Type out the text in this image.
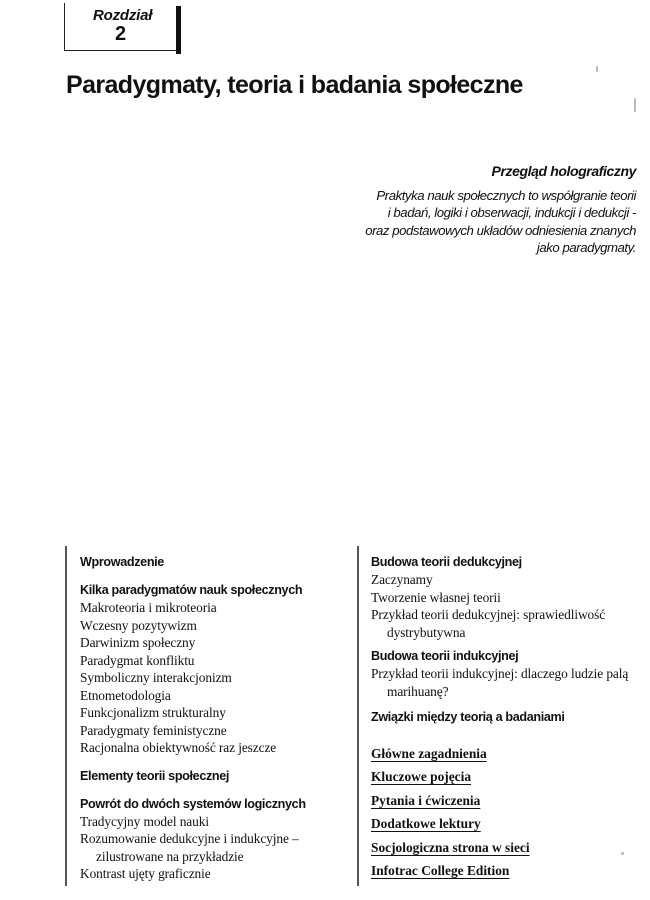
Rozdział
2
Paradygmaty, teoria i badania społeczne
Przegląd holograficzny
Praktyka nauk społecznych to współgranie teorii
i badań, logiki i obserwacji, indukcji i dedukcji -
oraz podstawowych układów odniesienia znanych
jako paradygmaty.
Wprowadzenie
Kilka paradygmatów nauk społecznych
Makroteoria i mikroteoria
Wczesny pozytywizm
Darwinizm społeczny
Paradygmat konfliktu
Symboliczny interakcjonizm
Etnometodologia
Funkcjonalizm strukturalny
Paradygmaty feministyczne
Racjonalna obiektywność raz jeszcze
Elementy teorii społecznej
Powrót do dwóch systemów logicznych
Tradycyjny model nauki
Rozumowanie dedukcyjne i indukcyjne – zilustrowane na przykładzie
Kontrast ujęty graficznie
Budowa teorii dedukcyjnej
Zaczynamy
Tworzenie własnej teorii
Przykład teorii dedukcyjnej: sprawiedliwość dystrybutywna
Budowa teorii indukcyjnej
Przykład teorii indukcyjnej: dlaczego ludzie palą marihuanę?
Związki między teorią a badaniami
Główne zagadnienia
Kluczowe pojęcia
Pytania i ćwiczenia
Dodatkowe lektury
Socjologiczna strona w sieci
Infotrac College Edition
